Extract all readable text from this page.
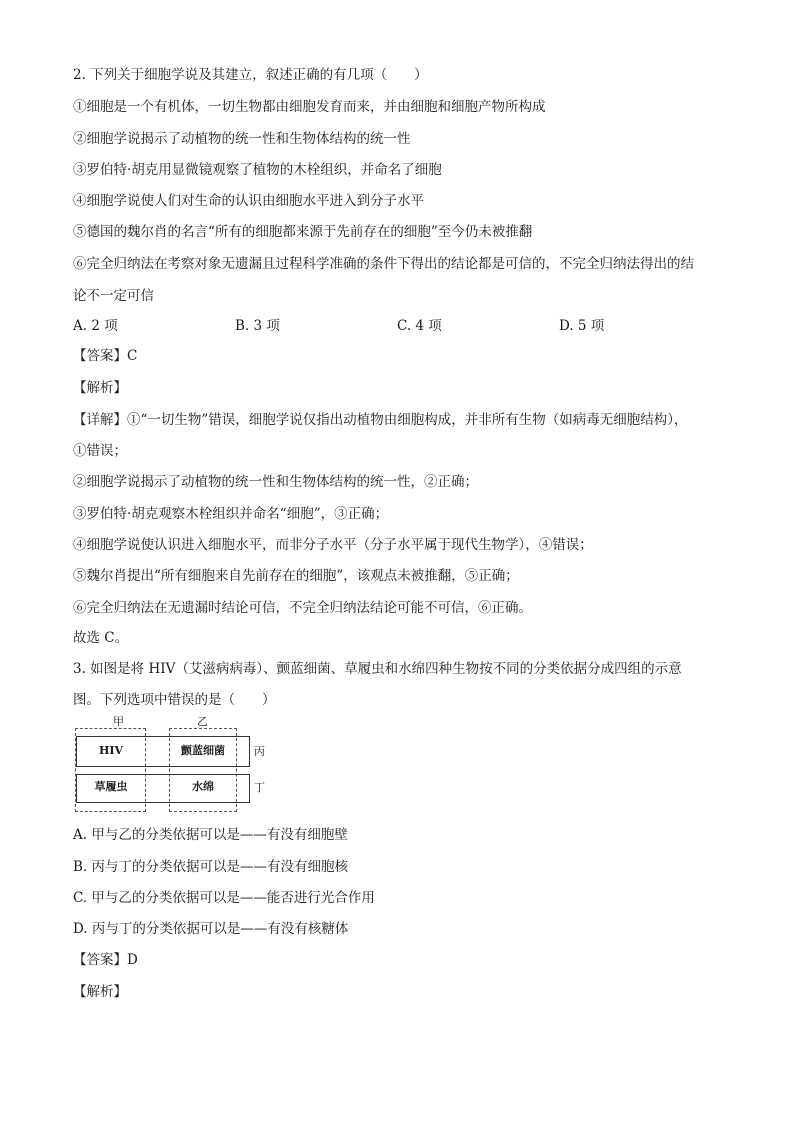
2. 下列关于细胞学说及其建立，叙述正确的有几项（　　）
①细胞是一个有机体，一切生物都由细胞发育而来，并由细胞和细胞产物所构成
②细胞学说揭示了动植物的统一性和生物体结构的统一性
③罗伯特·胡克用显微镜观察了植物的木栓组织，并命名了细胞
④细胞学说使人们对生命的认识由细胞水平进入到分子水平
⑤德国的魏尔肖的名言“所有的细胞都来源于先前存在的细胞”至今仍未被推翻
⑥完全归纳法在考察对象无遗漏且过程科学准确的条件下得出的结论都是可信的，不完全归纳法得出的结
论不一定可信
A. 2 项	B. 3 项	C. 4 项	D. 5 项
【答案】C
【解析】
【详解】①“一切生物”错误，细胞学说仅指出动植物由细胞构成，并非所有生物（如病毒无细胞结构），
①错误；
②细胞学说揭示了动植物的统一性和生物体结构的统一性，②正确；
③罗伯特·胡克观察木栓组织并命名“细胞”，③正确；
④细胞学说使认识进入细胞水平，而非分子水平（分子水平属于现代生物学），④错误；
⑤魏尔肖提出“所有细胞来自先前存在的细胞”，该观点未被推翻，⑤正确；
⑥完全归纳法在无遗漏时结论可信，不完全归纳法结论可能不可信，⑥正确。
故选 C。
3. 如图是将 HIV（艾滋病病毒）、颤蓝细菌、草履虫和水绵四种生物按不同的分类依据分成四组的示意
图。下列选项中错误的是（　　）
甲	乙
HIV	颤蓝细菌
草履虫	水绵
丙
丁
A. 甲与乙的分类依据可以是——有没有细胞壁
B. 丙与丁的分类依据可以是——有没有细胞核
C. 甲与乙的分类依据可以是——能否进行光合作用
D. 丙与丁的分类依据可以是——有没有核糖体
【答案】D
【解析】
